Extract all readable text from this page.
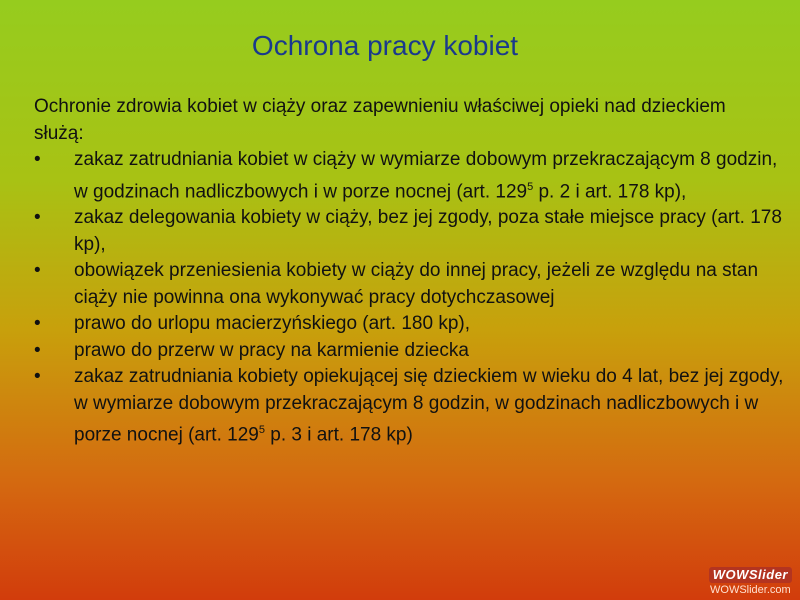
Ochrona pracy kobiet

Ochronie zdrowia kobiet w ciąży oraz zapewnieniu właściwej opieki nad dzieckiem służą:

• zakaz zatrudniania kobiet w ciąży w wymiarze dobowym przekraczającym 8 godzin, w godzinach nadliczbowych i w porze nocnej (art. $129^5$ p. 2 i art. 178 kp),
• zakaz delegowania kobiety w ciąży, bez jej zgody, poza stałe miejsce pracy (art. 178 kp),
• obowiązek przeniesienia kobiety w ciąży do innej pracy, jeżeli ze względu na stan ciąży nie powinna ona wykonywać pracy dotychczasowej
• prawo do urlopu macierzyńskiego (art. 180 kp),
• prawo do przerw w pracy na karmienie dziecka
• zakaz zatrudniania kobiety opiekującej się dzieckiem w wieku do 4 lat, bez jej zgody, w wymiarze dobowym przekraczającym 8 godzin, w godzinach nadliczbowych i w porze nocnej (art. $129^5$ p. 3 i art. 178 kp)
WOWSlider
WOWSlider.com
